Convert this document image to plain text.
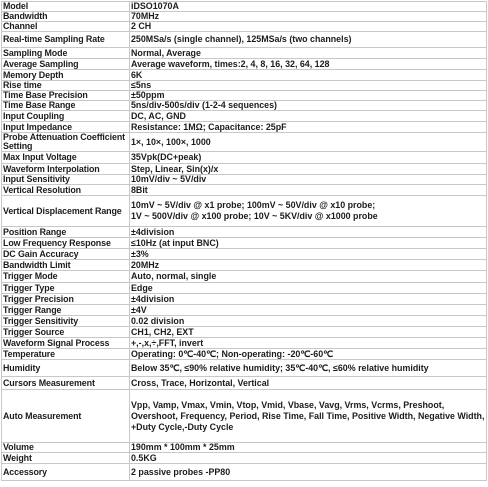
Model	iDSO1070A
Bandwidth	70MHz
Channel	2 CH
Real-time Sampling Rate	250MSa/s (single channel), 125MSa/s (two channels)
Sampling Mode	Normal, Average
Average Sampling	Average waveform, times:2, 4, 8, 16, 32, 64, 128
Memory Depth	6K
Rise time	≤5ns
Time Base Precision	±50ppm
Time Base Range	5ns/div-500s/div (1-2-4 sequences)
Input Coupling	DC, AC, GND
Input Impedance	Resistance: 1MΩ; Capacitance: 25pF
Probe Attenuation Coefficient Setting	1×, 10×, 100×, 1000
Max Input Voltage	35Vpk(DC+peak)
Waveform Interpolation	Step, Linear, Sin(x)/x
Input Sensitivity	10mV/div ~ 5V/div
Vertical Resolution	8Bit
Vertical Displacement Range	10mV ~ 5V/div @ x1 probe; 100mV ~ 50V/div @ x10 probe;
1V ~ 500V/div @ x100 probe; 10V ~ 5KV/div @ x1000 probe

Position Range	±4division
Low Frequency Response	≤10Hz (at input BNC)
DC Gain Accuracy	±3%
Bandwidth Limit	20MHz
Trigger Mode	Auto, normal, single
Trigger Type	Edge
Trigger Precision	±4division
Trigger Range	±4V
Trigger Sensitivity	0.02 division
Trigger Source	CH1, CH2, EXT
Waveform Signal Process	+,-,x,÷,FFT, invert
Temperature	Operating: 0℃-40℃; Non-operating: -20℃-60℃
Humidity	Below 35℃, ≤90% relative humidity; 35℃-40℃, ≤60% relative humidity
Cursors Measurement	Cross, Trace, Horizontal, Vertical
Auto Measurement	Vpp, Vamp, Vmax, Vmin, Vtop, Vmid, Vbase, Vavg, Vrms, Vcrms, Preshoot, Overshoot, Frequency, Period, Rise Time, Fall Time, Positive Width, Negative Width, +Duty Cycle,-Duty Cycle
Volume	190mm * 100mm * 25mm
Weight	0.5KG
Accessory	2 passive probes -PP80
